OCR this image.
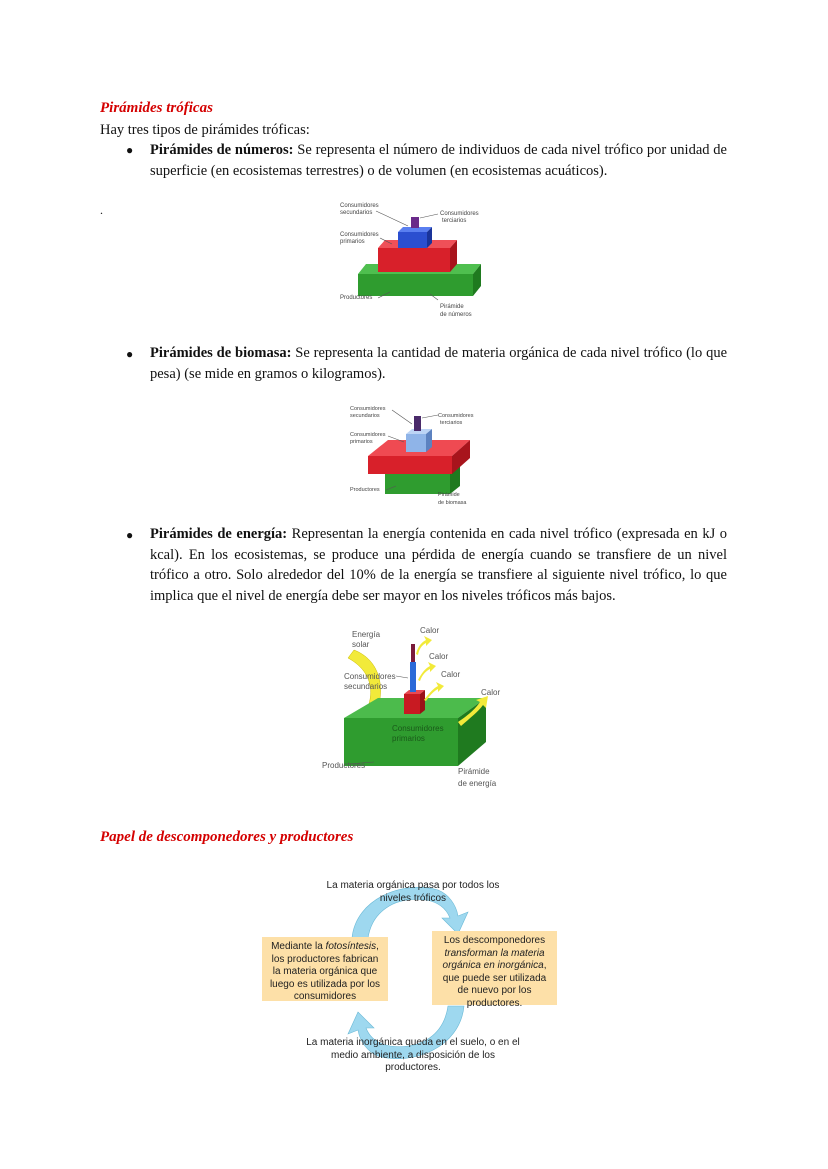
Pirámides tróficas
Hay tres tipos de pirámides tróficas:
● Pirámides de números: Se representa el número de individuos de cada nivel trófico por unidad de superficie (en ecosistemas terrestres) o de volumen (en ecosistemas acuáticos).
.	Consumidores
secundarios	Consumidores
terciarios
Consumidores
primarios
Productores
Pirámide
de números
● Pirámides de biomasa: Se representa la cantidad de materia orgánica de cada nivel trófico (lo que pesa) (se mide en gramos o kilogramos).
Consumidores
secundarios	Consumidores
terciarios
Consumidores
primarios
Productores
Pirámide
de biomasa
● Pirámides de energía: Representan la energía contenida en cada nivel trófico (expresada en kJ o kcal). En los ecosistemas, se produce una pérdida de energía cuando se transfiere de un nivel trófico a otro. Solo alrededor del 10% de la energía se transfiere al siguiente nivel trófico, lo que implica que el nivel de energía debe ser mayor en los niveles tróficos más bajos.
Energía
solar
Calor
Calor
Calor
Calor
Consumidores
secundarios
Consumidores
primarios
Productores
Pirámide
de energía
Papel de descomponedores y productores
La materia orgánica pasa por todos los niveles tróficos
Mediante la fotosíntesis, los productores fabrican la materia orgánica que luego es utilizada por los consumidores
Los descomponedores transforman la materia orgánica en inorgánica, que puede ser utilizada de nuevo por los productores.
La materia inorgánica queda en el suelo, o en el medio ambiente, a disposición de los productores.
